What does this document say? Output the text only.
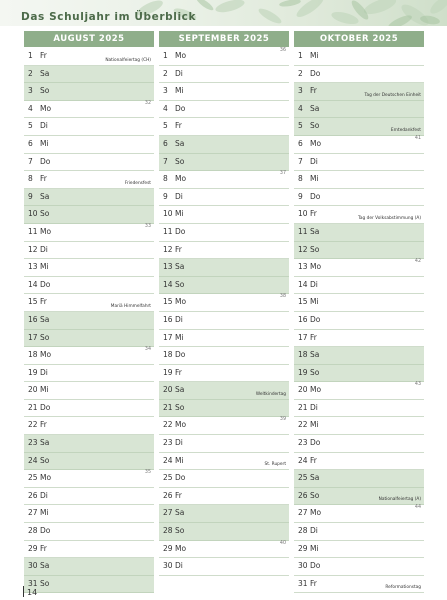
Das Schuljahr im Überblick
AUGUST 2025
1 Fr
Nationalfeiertag (CH)
2 Sa
3 So
4 Mo
32
5 Di
6 Mi
7 Do
8 Fr
Friedensfest
9 Sa
10 So
11 Mo
33
12 Di
13 Mi
14 Do
15 Fr
Mariä Himmelfahrt
16 Sa
17 So
18 Mo
34
19 Di
20 Mi
21 Do
22 Fr
23 Sa
24 So
25 Mo
35
26 Di
27 Mi
28 Do
29 Fr
30 Sa
31 So
SEPTEMBER 2025
1 Mo
36
2 Di
3 Mi
4 Do
5 Fr
6 Sa
7 So
8 Mo
37
9 Di
10 Mi
11 Do
12 Fr
13 Sa
14 So
15 Mo
38
16 Di
17 Mi
18 Do
19 Fr
20 Sa
Weltkindertag
21 So
22 Mo
39
23 Di
24 Mi
St. Rupert
25 Do
26 Fr
27 Sa
28 So
29 Mo
40
30 Di
OKTOBER 2025
1 Mi
2 Do
3 Fr
Tag der Deutschen Einheit
4 Sa
5 So
Erntedankfest
6 Mo
41
7 Di
8 Mi
9 Do
10 Fr
Tag der Volksabstimmung (A)
11 Sa
12 So
13 Mo
42
14 Di
15 Mi
16 Do
17 Fr
18 Sa
19 So
20 Mo
43
21 Di
22 Mi
23 Do
24 Fr
25 Sa
26 So
Nationalfeiertag (A)
27 Mo
44
28 Di
29 Mi
30 Do
31 Fr
Reformationstag
14
